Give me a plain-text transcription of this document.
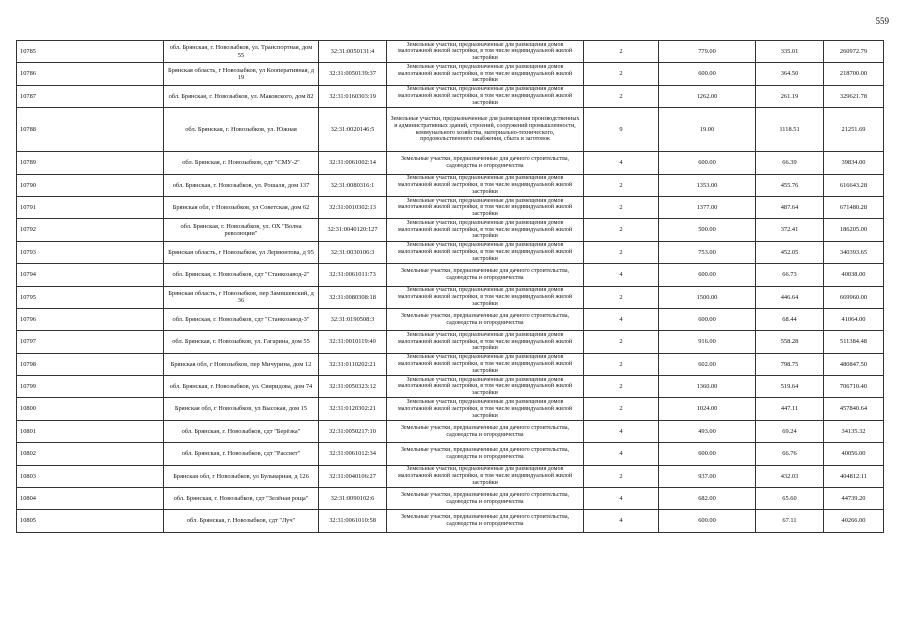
559
10785	обл. Брянская, г. Новозыбков, ул. Транспортная, дом 55	32:31:0050131:4	Земельные участки, предназначенные для размещения домов малоэтажной жилой застройки, в том числе индивидуальной жилой застройки	2	779.00	335.01	260972.79
10786	Брянская область, г Новозыбков, ул Кооперативная, д 19	32:31:0050139:37	Земельные участки, предназначенные для размещения домов малоэтажной жилой застройки, в том числе индивидуальной жилой застройки	2	600.00	364.50	218700.00
10787	обл. Брянская, г. Новозыбков, ул. Маковского, дом 82	32:31:0160303:19	Земельные участки, предназначенные для размещения домов малоэтажной жилой застройки, в том числе индивидуальной жилой застройки	2	1262.00	261.19	329621.78
10788	обл. Брянская, г. Новозыбков, ул. Южная	32:31:0020146:5	Земельные участки, предназначенные для размещения производственных и административных зданий, строений, сооружений промышленности, коммунального хозяйства, материально-технического, продовольственного снабжения, сбыта и заготовок	9	19.00	1118.51	21251.69
10789	обл. Брянская, г. Новозыбков, сдт "СМУ-2"	32:31:0061002:14	Земельные участки, предназначенные для дачного строительства, садоводства и огородничества	4	600.00	66.39	39834.00
10790	обл. Брянская, г. Новозыбков, ул. Рошаля, дом 137	32:31:0080316:1	Земельные участки, предназначенные для размещения домов малоэтажной жилой застройки, в том числе индивидуальной жилой застройки	2	1353.00	455.76	616643.28
10791	Брянская обл, г Новозыбков, ул Советская, дом 62	32:31:0010302:13	Земельные участки, предназначенные для размещения домов малоэтажной жилой застройки, в том числе индивидуальной жилой застройки	2	1377.00	487.64	671480.28
10792	обл. Брянская, г. Новозыбков, ул. ОХ "Волна революции"	32:31:0040120:127	Земельные участки, предназначенные для размещения домов малоэтажной жилой застройки, в том числе индивидуальной жилой застройки	2	500.00	372.41	186205.00
10793	Брянская область, г Новозыбков, ул Лермонтова, д 95	32:31:0030106:3	Земельные участки, предназначенные для размещения домов малоэтажной жилой застройки, в том числе индивидуальной жилой застройки	2	753.00	452.05	340393.65
10794	обл. Брянская, г. Новозыбков, сдт "Станкозавод-2"	32:31:0061011:73	Земельные участки, предназначенные для дачного строительства, садоводства и огородничества	4	600.00	66.73	40038.00
10795	Брянская область, г Новозыбков, пер Замишевский, д 36	32:31:0080308:18	Земельные участки, предназначенные для размещения домов малоэтажной жилой застройки, в том числе индивидуальной жилой застройки	2	1500.00	446.64	669960.00
10796	обл. Брянская, г. Новозыбков, сдт "Станкозавод-3"	32:31:0190508:3	Земельные участки, предназначенные для дачного строительства, садоводства и огородничества	4	600.00	68.44	41064.00
10797	обл. Брянская, г. Новозыбков, ул. Гагарина, дом 55	32:31:0010119:40	Земельные участки, предназначенные для размещения домов малоэтажной жилой застройки, в том числе индивидуальной жилой застройки	2	916.00	558.28	511384.48
10798	Брянская обл, г Новозыбков, пер Мичурина, дом 12	32:31:0110202:21	Земельные участки, предназначенные для размещения домов малоэтажной жилой застройки, в том числе индивидуальной жилой застройки	2	602.00	798.75	480847.50
10799	обл. Брянская, г. Новозыбков, ул. Свиридова, дом 74	32:31:0050323:12	Земельные участки, предназначенные для размещения домов малоэтажной жилой застройки, в том числе индивидуальной жилой застройки	2	1360.00	519.64	706710.40
10800	Брянская обл, г Новозыбков, ул Высокая, дом 15	32:31:0120302:21	Земельные участки, предназначенные для размещения домов малоэтажной жилой застройки, в том числе индивидуальной жилой застройки	2	1024.00	447.11	457840.64
10801	обл. Брянская, г. Новозыбков, сдт "Берёзка"	32:31:0050217:10	Земельные участки, предназначенные для дачного строительства, садоводства и огородничества	4	493.00	69.24	34135.32
10802	обл. Брянская, г. Новозыбков, сдт "Рассвет"	32:31:0061012:34	Земельные участки, предназначенные для дачного строительства, садоводства и огородничества	4	600.00	66.76	40056.00
10803	Брянская обл, г Новозыбков, ул Бульварная, д 126	32:31:0040106:27	Земельные участки, предназначенные для размещения домов малоэтажной жилой застройки, в том числе индивидуальной жилой застройки	2	937.00	432.03	404812.11
10804	обл. Брянская, г. Новозыбков, сдт "Зелёная роща"	32:31:0090102:6	Земельные участки, предназначенные для дачного строительства, садоводства и огородничества	4	682.00	65.60	44739.20
10805	обл. Брянская, г. Новозыбков, сдт "Луч"	32:31:0061010:58	Земельные участки, предназначенные для дачного строительства, садоводства и огородничества	4	600.00	67.11	40266.00
